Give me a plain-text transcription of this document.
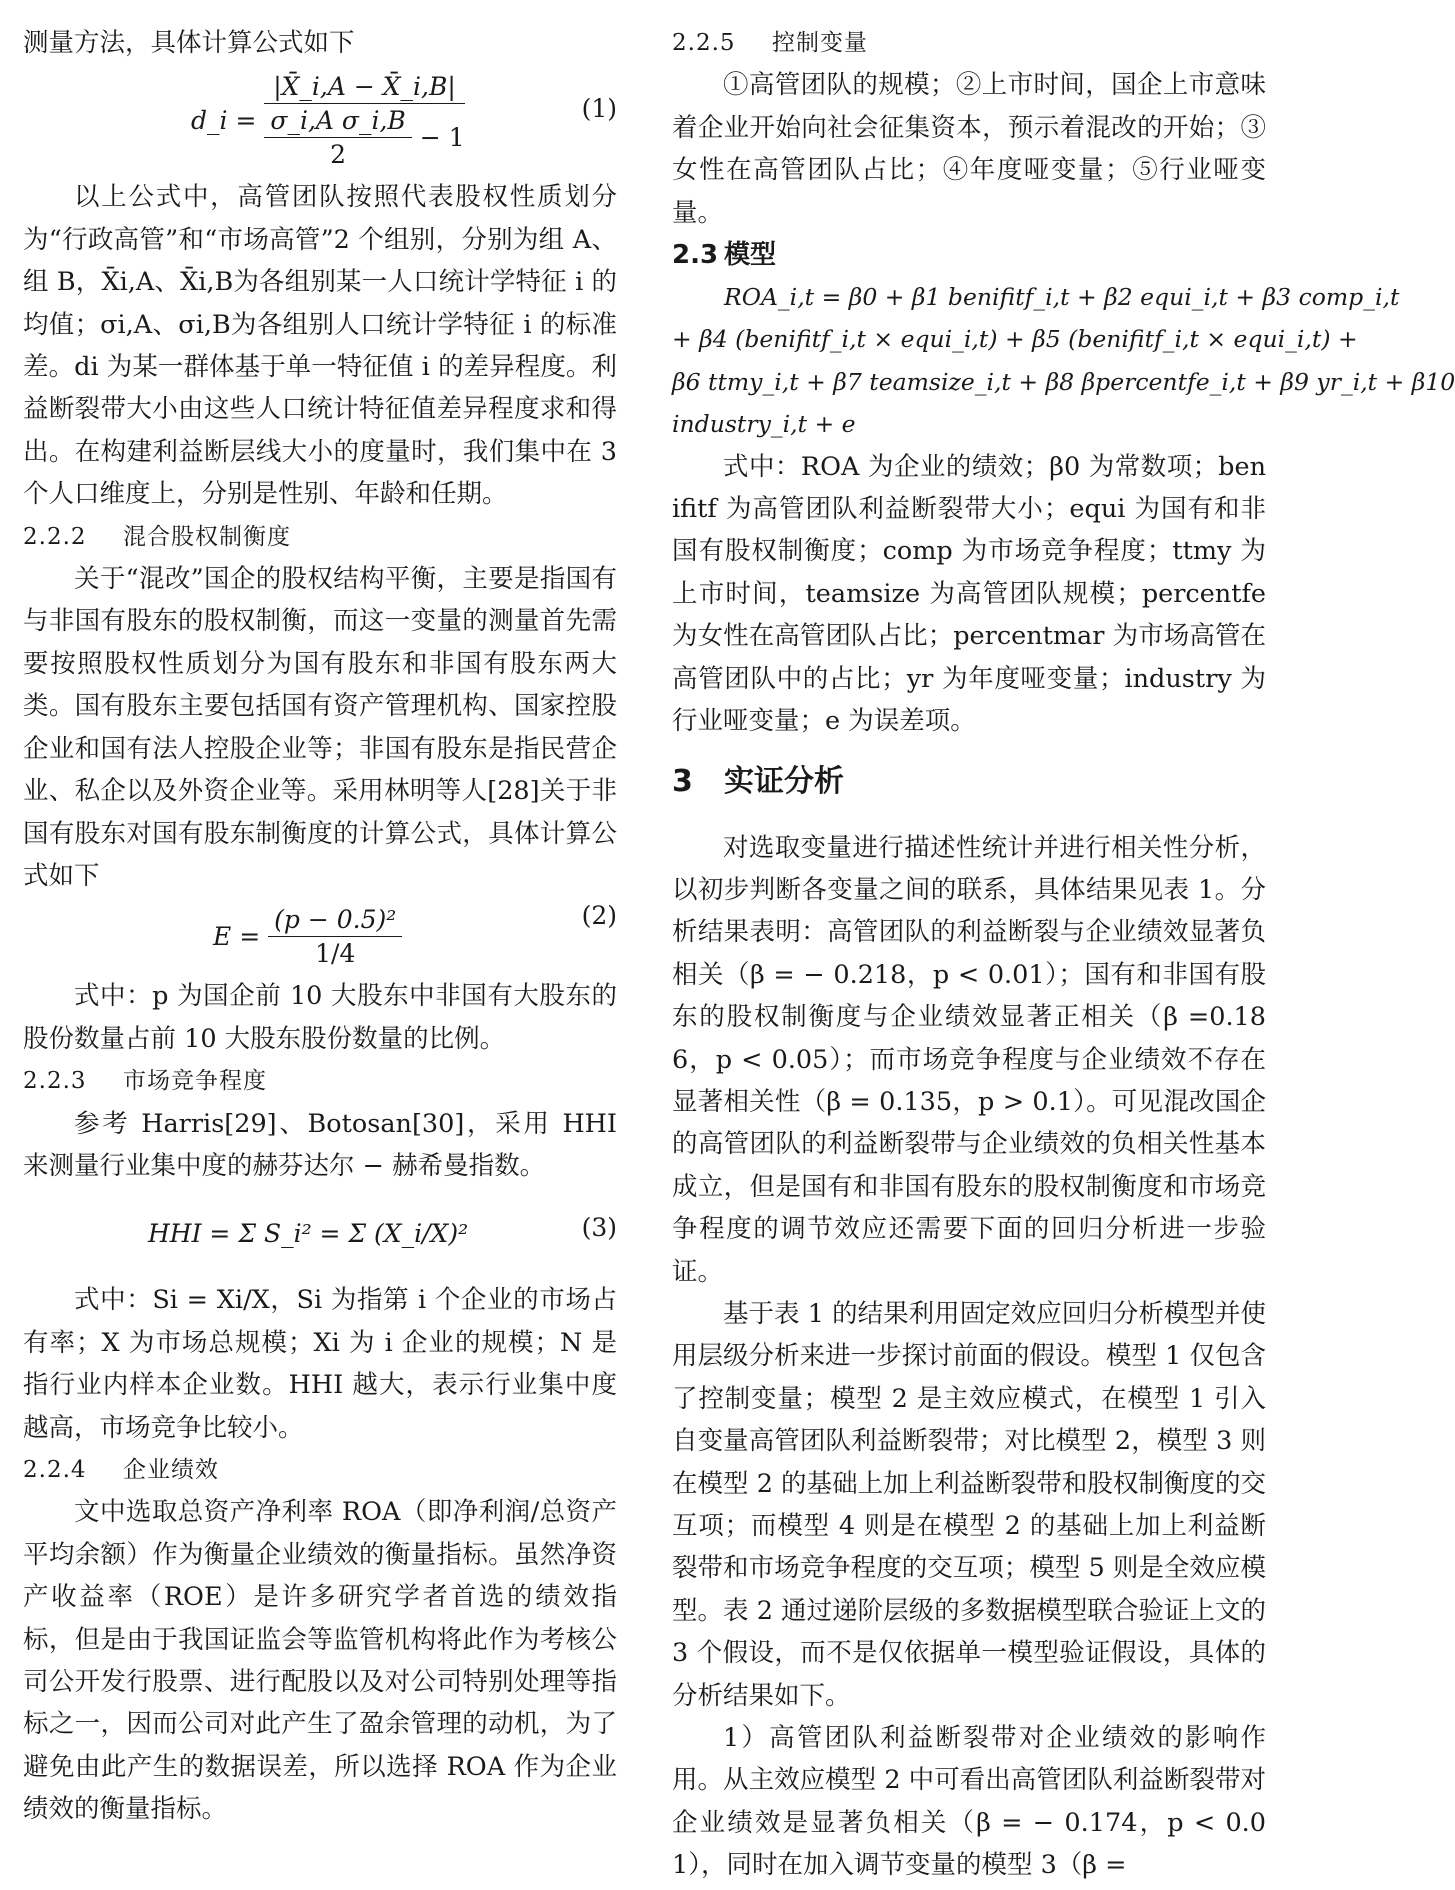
测量方法，具体计算公式如下

d_i = $\frac{|X̄\_i,A - X̄\_i,B|}{\frac{\text{σ\_i,A σ\_i,B}}{2} - 1}$	(1)

以上公式中，高管团队按照代表股权性质划分为“行政高管”和“市场高管”2 个组别，分别为组 A、组 B，X̄i,A、X̄i,B为各组别某一人口统计学特征 i 的均值；σi,A、σi,B为各组别人口统计学特征 i 的标准差。di 为某一群体基于单一特征值 i 的差异程度。利益断裂带大小由这些人口统计特征值差异程度求和得出。在构建利益断层线大小的度量时，我们集中在 3 个人口维度上，分别是性别、年龄和任期。

2.2.2 混合股权制衡度

关于“混改”国企的股权结构平衡，主要是指国有与非国有股东的股权制衡，而这一变量的测量首先需要按照股权性质划分为国有股东和非国有股东两大类。国有股东主要包括国有资产管理机构、国家控股企业和国有法人控股企业等；非国有股东是指民营企业、私企以及外资企业等。采用林明等人[28]关于非国有股东对国有股东制衡度的计算公式，具体计算公式如下

$E = \frac{\text{(p − 0.5)²}}{1/4}$	(2)

式中：p 为国企前 10 大股东中非国有大股东的股份数量占前 10 大股东股份数量的比例。

2.2.3 市场竞争程度

参考 Harris[29]、Botosan[30]，采用 HHI 来测量行业集中度的赫芬达尔 − 赫希曼指数。

HHI = Σ S_i² = Σ (X_i/X)²	(3)

式中：Si = Xi/X，Si 为指第 i 个企业的市场占有率；X 为市场总规模；Xi 为 i 企业的规模；N 是指行业内样本企业数。HHI 越大，表示行业集中度越高，市场竞争比较小。

2.2.4 企业绩效

文中选取总资产净利率 ROA（即净利润/总资产平均余额）作为衡量企业绩效的衡量指标。虽然净资产收益率（ROE）是许多研究学者首选的绩效指标，但是由于我国证监会等监管机构将此作为考核公司公开发行股票、进行配股以及对公司特别处理等指标之一，因而公司对此产生了盈余管理的动机，为了避免由此产生的数据误差，所以选择 ROA 作为企业绩效的衡量指标。

2.2.5 控制变量

①高管团队的规模；②上市时间，国企上市意味着企业开始向社会征集资本，预示着混改的开始；③女性在高管团队占比；④年度哑变量；⑤行业哑变量。

2.3 模型

ROA_i,t = β0 + β1 benifitf_i,t + β2 equi_i,t + β3 comp_i,t

+ β4 (benifitf_i,t × equi_i,t) + β5 (benifitf_i,t × equi_i,t) +

β6 ttmy_i,t + β7 teamsize_i,t + β8 βpercentfe_i,t + β9 yr_i,t + β10

industry_i,t + e

式中：ROA 为企业的绩效；β0 为常数项；benifitf 为高管团队利益断裂带大小；equi 为国有和非国有股权制衡度；comp 为市场竞争程度；ttmy 为上市时间，teamsize 为高管团队规模；percentfe 为女性在高管团队占比；percentmar 为市场高管在高管团队中的占比；yr 为年度哑变量；industry 为行业哑变量；e 为误差项。

3 实证分析

对选取变量进行描述性统计并进行相关性分析，以初步判断各变量之间的联系，具体结果见表 1。分析结果表明：高管团队的利益断裂与企业绩效显著负相关（β = − 0.218，p < 0.01）；国有和非国有股东的股权制衡度与企业绩效显著正相关（β =0.186，p < 0.05）；而市场竞争程度与企业绩效不存在显著相关性（β = 0.135，p > 0.1）。可见混改国企的高管团队的利益断裂带与企业绩效的负相关性基本成立，但是国有和非国有股东的股权制衡度和市场竞争程度的调节效应还需要下面的回归分析进一步验证。

基于表 1 的结果利用固定效应回归分析模型并使用层级分析来进一步探讨前面的假设。模型 1 仅包含了控制变量；模型 2 是主效应模式，在模型 1 引入自变量高管团队利益断裂带；对比模型 2，模型 3 则在模型 2 的基础上加上利益断裂带和股权制衡度的交互项；而模型 4 则是在模型 2 的基础上加上利益断裂带和市场竞争程度的交互项；模型 5 则是全效应模型。表 2 通过递阶层级的多数据模型联合验证上文的 3 个假设，而不是仅依据单一模型验证假设，具体的分析结果如下。

1）高管团队利益断裂带对企业绩效的影响作用。从主效应模型 2 中可看出高管团队利益断裂带对企业绩效是显著负相关（β = − 0.174，p < 0.01），同时在加入调节变量的模型 3（β =
